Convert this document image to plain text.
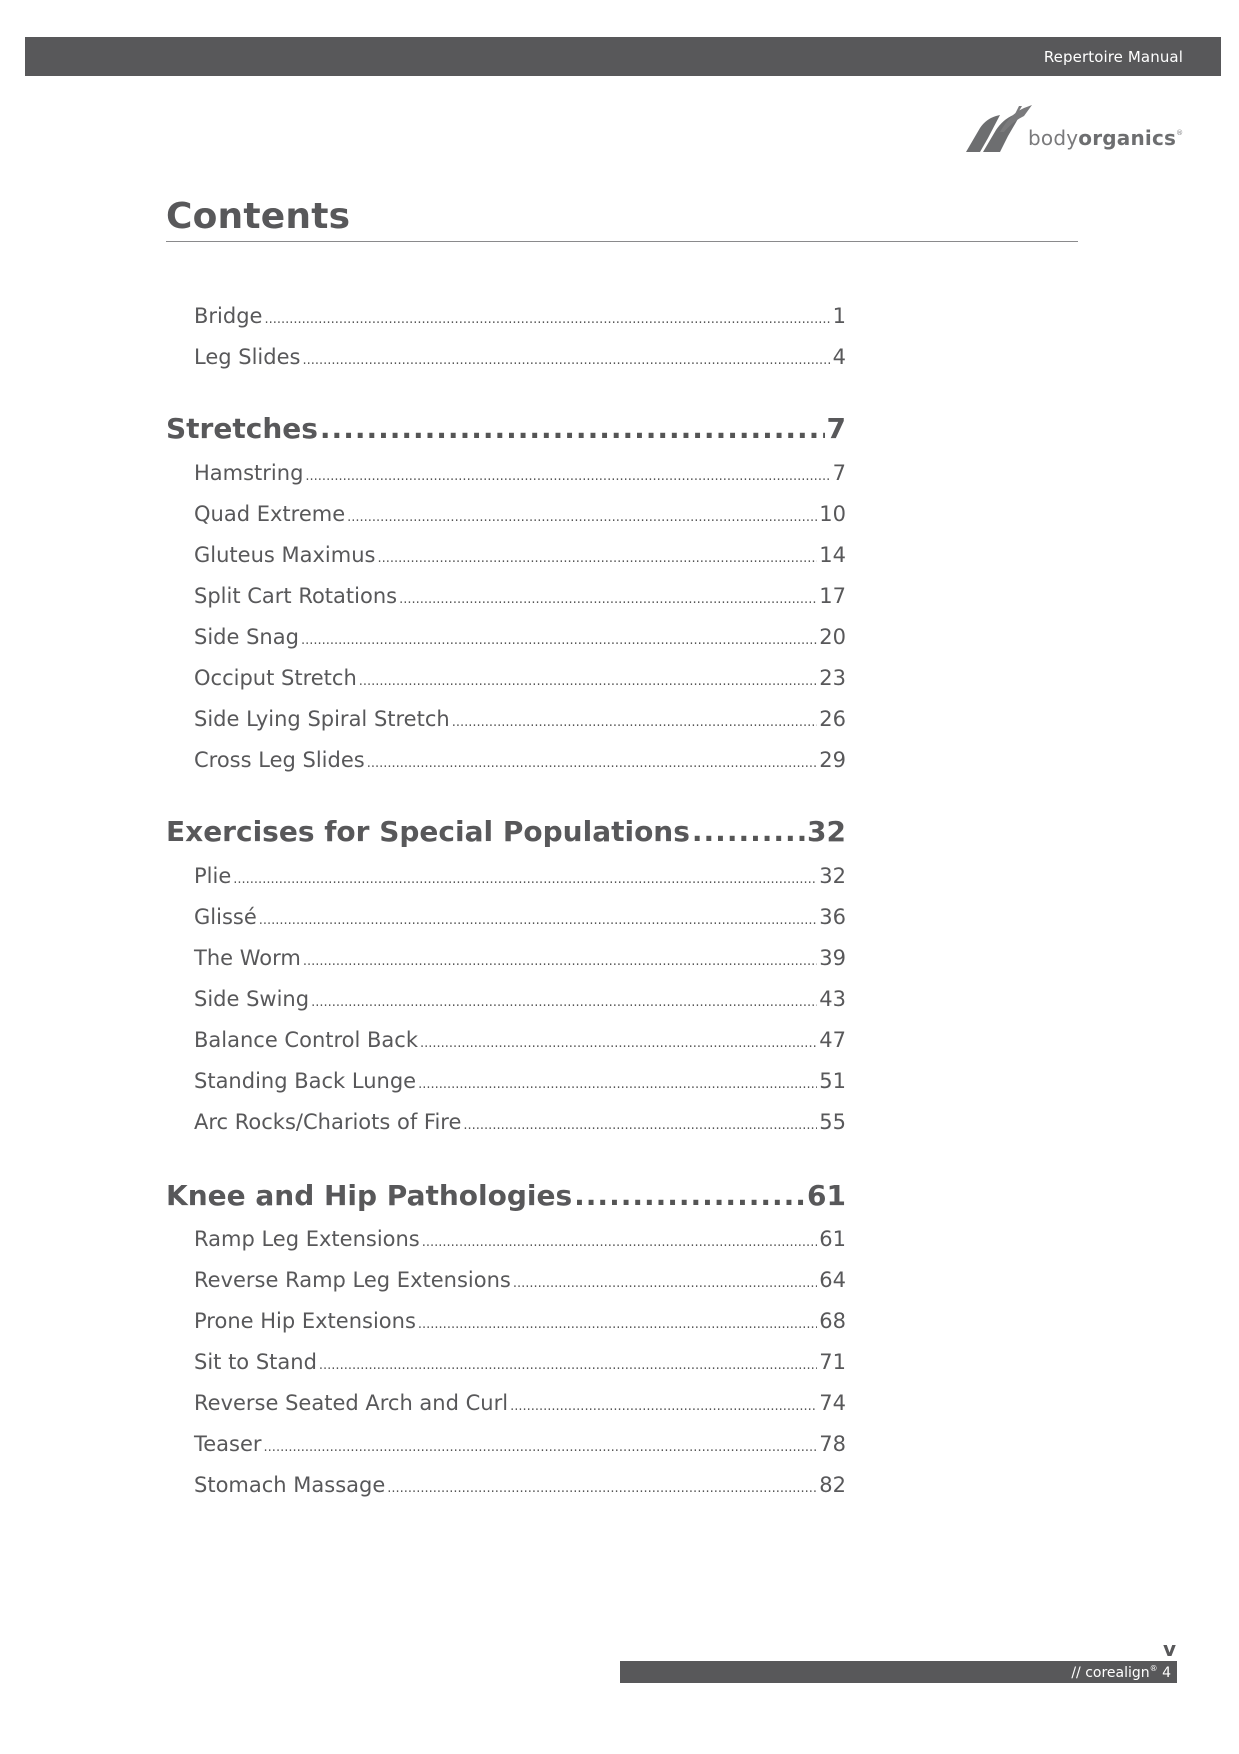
Repertoire Manual
bodyorganics®
Contents
Bridge .....	1
Leg Slides .....	4
Stretches .....	7
Hamstring .....	7
Quad Extreme .....	10
Gluteus Maximus .....	14
Split Cart Rotations .....	17
Side Snag .....	20
Occiput Stretch .....	23
Side Lying Spiral Stretch .....	26
Cross Leg Slides .....	29
Exercises for Special Populations .....	32
Plie .....	32
Glissé .....	36
The Worm .....	39
Side Swing .....	43
Balance Control Back .....	47
Standing Back Lunge .....	51
Arc Rocks/Chariots of Fire .....	55
Knee and Hip Pathologies .....	61
Ramp Leg Extensions .....	61
Reverse Ramp Leg Extensions .....	64
Prone Hip Extensions .....	68
Sit to Stand .....	71
Reverse Seated Arch and Curl .....	74
Teaser .....	78
Stomach Massage .....	82
v
// corealign® 4
